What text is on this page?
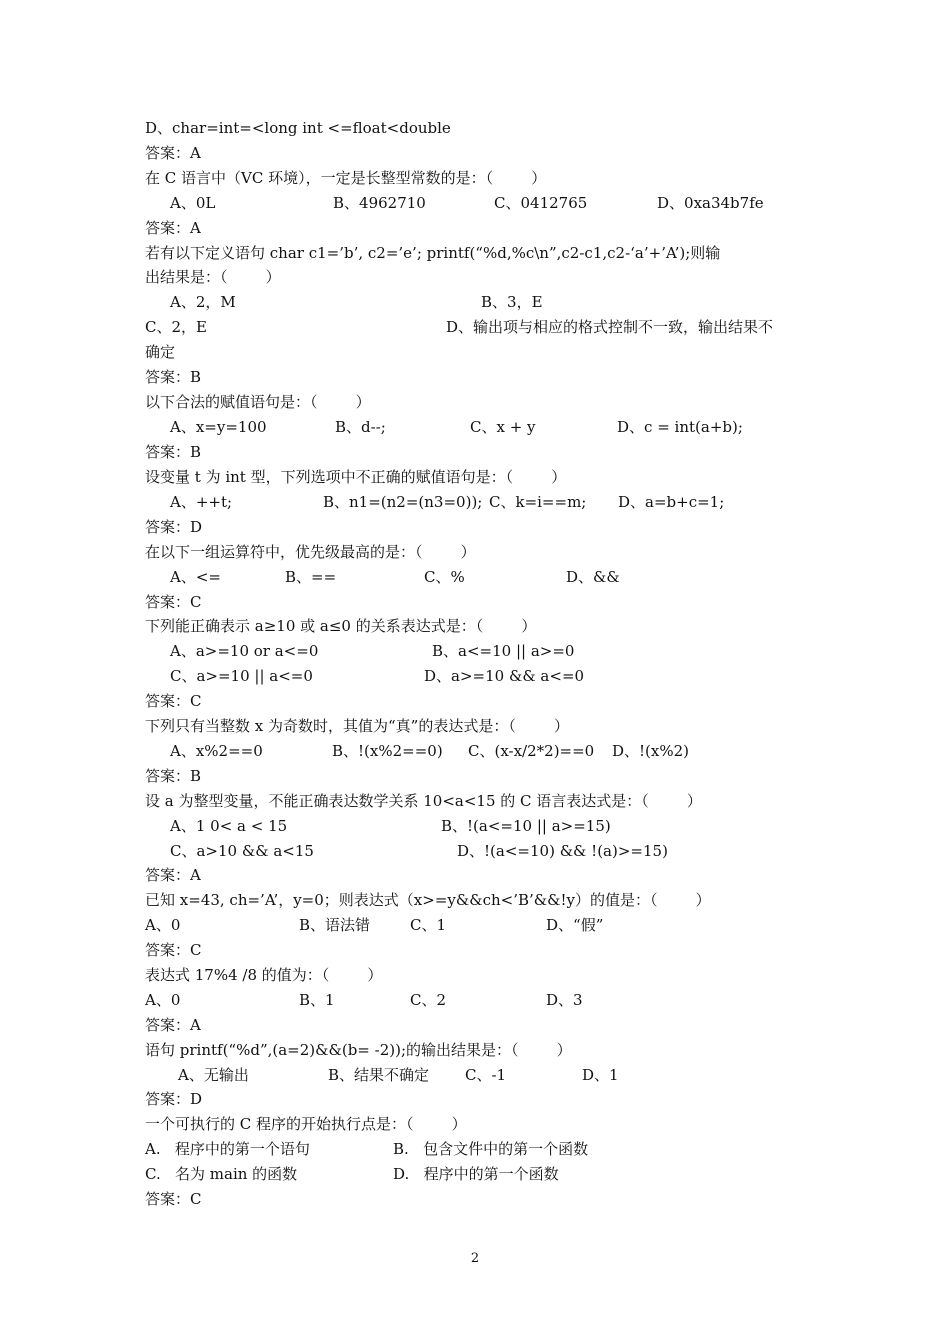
D、char=int=<long int <=float<double
答案：A
在 C 语言中（VC 环境），一定是长整型常数的是：（        ）
A、0L	B、4962710	C、0412765	D、0xa34b7fe
答案：A
若有以下定义语句 char c1=’b’, c2=’e’; printf(“%d,%c\n”,c2-c1,c2-‘a’+’A’);则输
出结果是：（        ）
A、2，M	B、3，E
C、2，E	D、输出项与相应的格式控制不一致，输出结果不
确定
答案：B
以下合法的赋值语句是：（        ）
A、x=y=100	B、d--;	C、x + y	D、c = int(a+b);
答案：B
设变量 t 为 int 型，下列选项中不正确的赋值语句是：（        ）
A、++t;	B、n1=(n2=(n3=0)); C、k=i==m; D、a=b+c=1;
答案：D
在以下一组运算符中，优先级最高的是：（        ）
A、<=	B、==	C、%	D、&&
答案：C
下列能正确表示 a≥10 或 a≤0 的关系表达式是：（        ）
A、a>=10 or a<=0	B、a<=10 || a>=0
C、a>=10 || a<=0	D、a>=10 && a<=0
答案：C
下列只有当整数 x 为奇数时，其值为“真”的表达式是：（        ）
A、x%2==0	B、!(x%2==0) C、(x-x/2*2)==0 D、!(x%2)
答案：B
设 a 为整型变量，不能正确表达数学关系 10<a<15 的 C 语言表达式是：（        ）
A、1 0< a < 15	B、!(a<=10 || a>=15)
C、a>10 && a<15	D、!(a<=10) && !(a)>=15)
答案：A
已知 x=43, ch=’A’，y=0；则表达式（x>=y&&ch<’B’&&!y）的值是：（        ）
A、0	B、语法错	C、1	D、“假”
答案：C
表达式 17%4 /8 的值为：（        ）
A、0	B、1	C、2	D、3
答案：A
语句 printf(“%d”,(a=2)&&(b= -2));的输出结果是：（        ）
A、无输出	B、结果不确定 C、-1	D、1
答案：D
一个可执行的 C 程序的开始执行点是：（        ）
A.   程序中的第一个语句	B.   包含文件中的第一个函数
C.   名为 main 的函数	D.   程序中的第一个函数
答案：C
2
